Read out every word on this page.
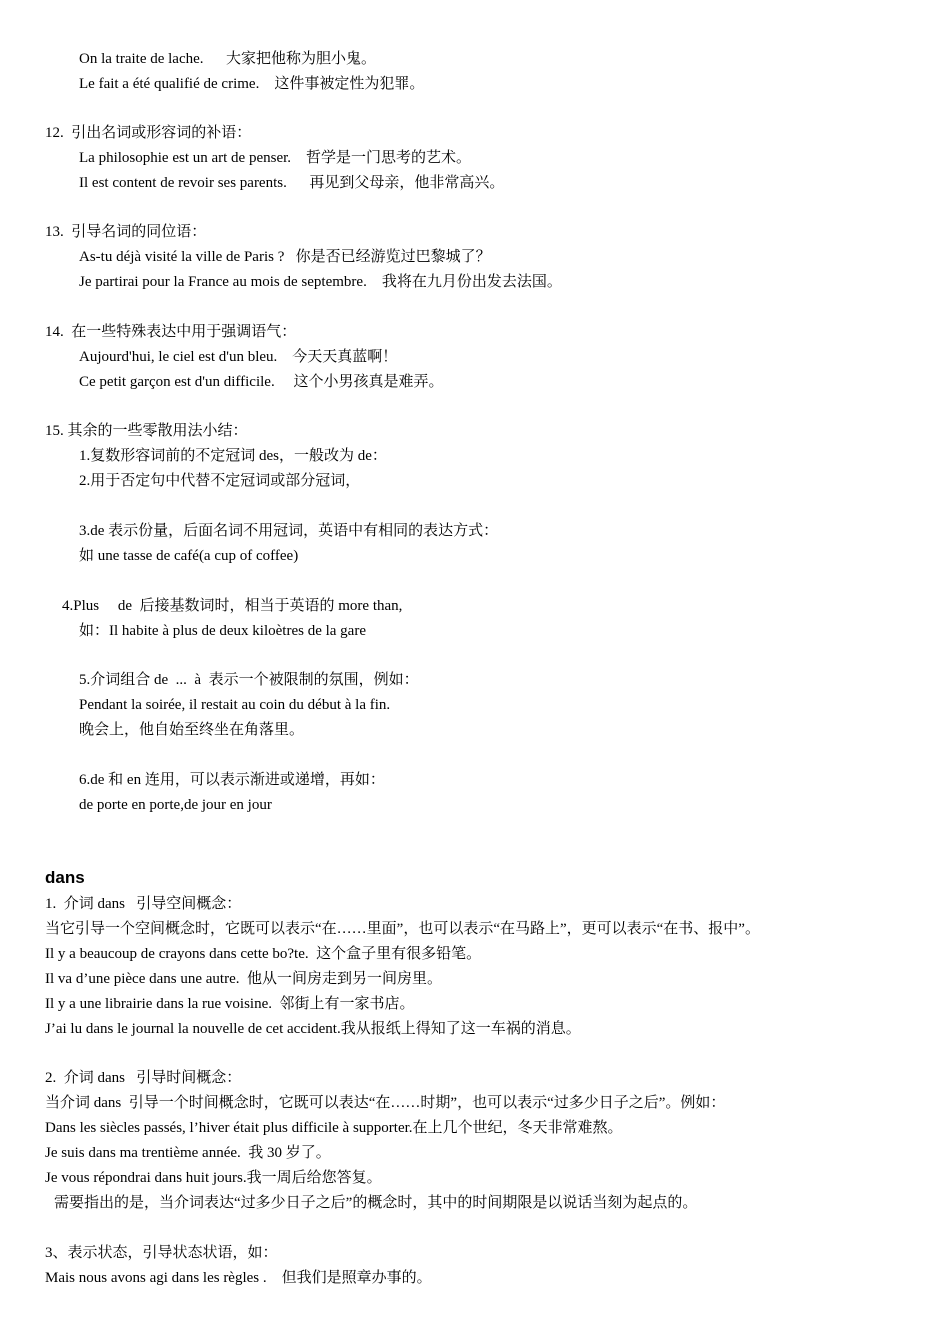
On la traite de lache.      大家把他称为胆小鬼。
Le fait a été qualifié de crime.    这件事被定性为犯罪。
12.  引出名词或形容词的补语：
La philosophie est un art de penser.    哲学是一门思考的艺术。
Il est content de revoir ses parents.      再见到父母亲，他非常高兴。
13.  引导名词的同位语：
As-tu déjà visité la ville de Paris ?   你是否已经游览过巴黎城了？
Je partirai pour la France au mois de septembre.    我将在九月份出发去法国。
14.  在一些特殊表达中用于强调语气：
Aujourd'hui, le ciel est d'un bleu.    今天天真蓝啊！
Ce petit garçon est d'un difficile.     这个小男孩真是难弄。
15. 其余的一些零散用法小结：
1.复数形容词前的不定冠词 des，一般改为 de：
2.用于否定句中代替不定冠词或部分冠词，
3.de 表示份量，后面名词不用冠词，英语中有相同的表达方式：
如 une tasse de café(a cup of coffee)
4.Plus     de  后接基数词时，相当于英语的 more than,
如：Il habite à plus de deux kiloètres de la gare
5.介词组合 de  ...  à  表示一个被限制的氛围，例如：
Pendant la soirée, il restait au coin du début à la fin.
晚会上，他自始至终坐在角落里。
6.de 和 en 连用，可以表示渐进或递增，再如：
de porte en porte,de jour en jour
dans
1.  介词 dans   引导空间概念：
当它引导一个空间概念时，它既可以表示“在……里面”，也可以表示“在马路上”，更可以表示“在书、报中”。
Il y a beaucoup de crayons dans cette bo?te.  这个盒子里有很多铅笔。
Il va d’une pièce dans une autre.  他从一间房走到另一间房里。
Il y a une librairie dans la rue voisine.  邻街上有一家书店。
J’ai lu dans le journal la nouvelle de cet accident.我从报纸上得知了这一车祸的消息。
2.  介词 dans   引导时间概念：
当介词 dans  引导一个时间概念时，它既可以表达“在……时期”，也可以表示“过多少日子之后”。例如：
Dans les siècles passés, l’hiver était plus difficile à supporter.在上几个世纪，冬天非常难熬。
Je suis dans ma trentième année.  我 30 岁了。
Je vous répondrai dans huit jours.我一周后给您答复。
需要指出的是，当介词表达“过多少日子之后”的概念时，其中的时间期限是以说话当刻为起点的。
3、表示状态，引导状态状语，如：
Mais nous avons agi dans les règles .    但我们是照章办事的。
